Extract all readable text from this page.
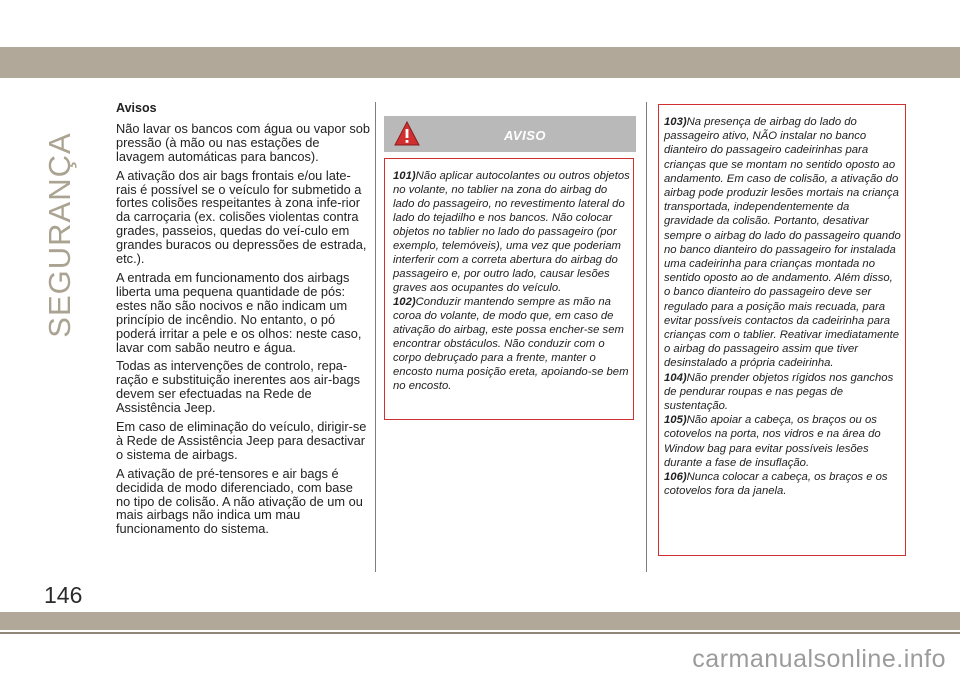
SEGURANÇA
Avisos

Não lavar os bancos com água ou vapor sob pressão (à mão ou nas estações de lavagem automáticas para bancos).

A ativação dos air bags frontais e/ou late-rais é possível se o veículo for submetido a fortes colisões respeitantes à zona infe-rior da carroçaria (ex. colisões violentas contra grades, passeios, quedas do veí-culo em grandes buracos ou depressões de estrada, etc.).

A entrada em funcionamento dos airbags liberta uma pequena quantidade de pós: estes não são nocivos e não indicam um princípio de incêndio. No entanto, o pó poderá irritar a pele e os olhos: neste caso, lavar com sabão neutro e água.

Todas as intervenções de controlo, repa-ração e substituição inerentes aos air-bags devem ser efectuadas na Rede de Assistência Jeep.

Em caso de eliminação do veículo, dirigir-se à Rede de Assistência Jeep para desactivar o sistema de airbags.

A ativação de pré-tensores e air bags é decidida de modo diferenciado, com base no tipo de colisão. A não ativação de um ou mais airbags não indica um mau funcionamento do sistema.

AVISO

101)Não aplicar autocolantes ou outros objetos no volante, no tablier na zona do airbag do lado do passageiro, no revestimento lateral do lado do tejadilho e nos bancos. Não colocar objetos no tablier no lado do passageiro (por exemplo, telemóveis), uma vez que poderiam interferir com a correta abertura do airbag do passageiro e, por outro lado, causar lesões graves aos ocupantes do veículo.

102)Conduzir mantendo sempre as mão na coroa do volante, de modo que, em caso de ativação do airbag, este possa encher-se sem encontrar obstáculos. Não conduzir com o corpo debruçado para a frente, manter o encosto numa posição ereta, apoiando-se bem no encosto.

103)Na presença de airbag do lado do passageiro ativo, NÃO instalar no banco dianteiro do passageiro cadeirinhas para crianças que se montam no sentido oposto ao andamento. Em caso de colisão, a ativação do airbag pode produzir lesões mortais na criança transportada, independentemente da gravidade da colisão. Portanto, desativar sempre o airbag do lado do passageiro quando no banco dianteiro do passageiro for instalada uma cadeirinha para crianças montada no sentido oposto ao de andamento. Além disso, o banco dianteiro do passageiro deve ser regulado para a posição mais recuada, para evitar possíveis contactos da cadeirinha para crianças com o tablier. Reativar imediatamente o airbag do passageiro assim que tiver desinstalado a própria cadeirinha.

104)Não prender objetos rígidos nos ganchos de pendurar roupas e nas pegas de sustentação.

105)Não apoiar a cabeça, os braços ou os cotovelos na porta, nos vidros e na área do Window bag para evitar possíveis lesões durante a fase de insuflação.

106)Nunca colocar a cabeça, os braços e os cotovelos fora da janela.

146
carmanualsonline.info
